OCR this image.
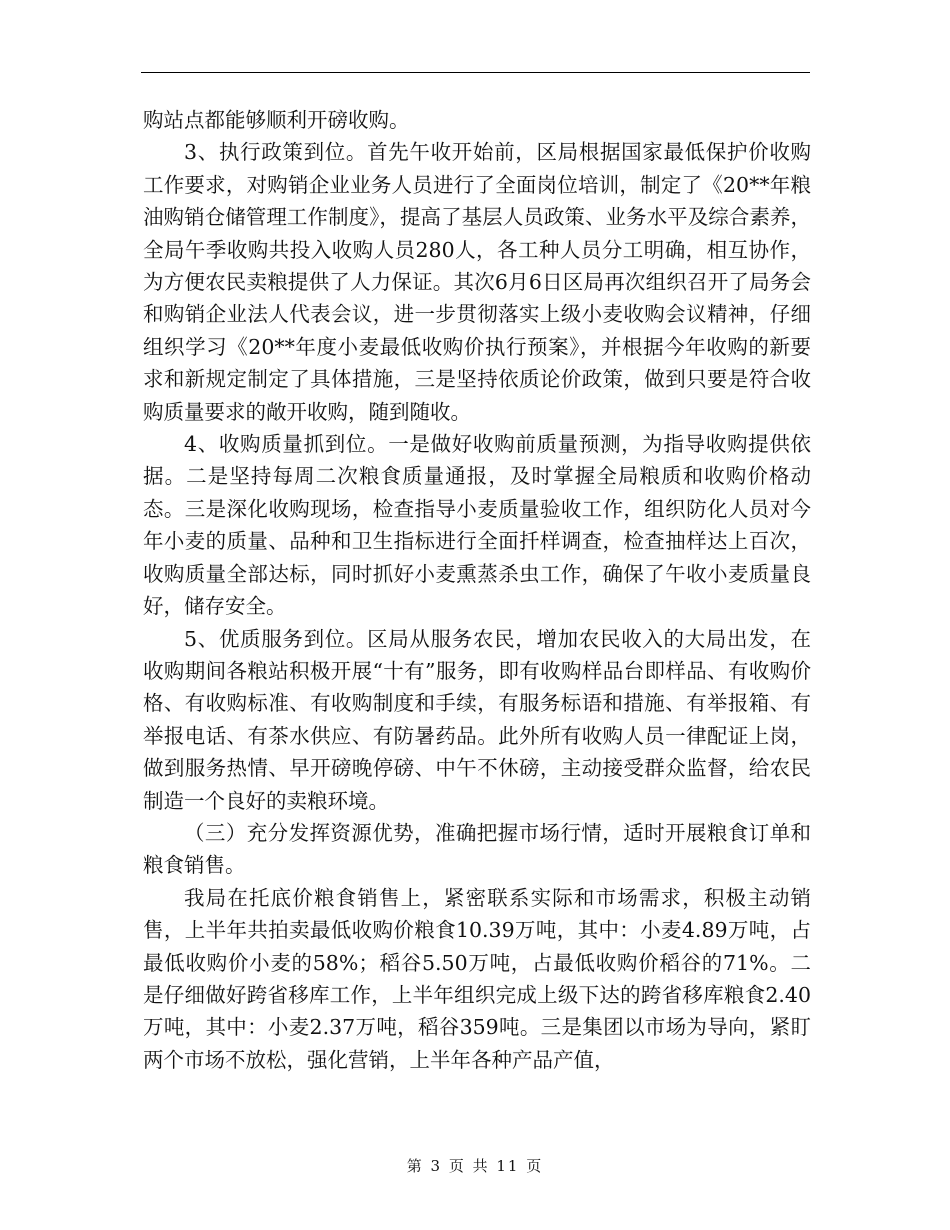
购站点都能够顺利开磅收购。

3、执行政策到位。首先午收开始前，区局根据国家最低保护价收购工作要求，对购销企业业务人员进行了全面岗位培训，制定了《20**年粮油购销仓储管理工作制度》，提高了基层人员政策、业务水平及综合素养，全局午季收购共投入收购人员280人，各工种人员分工明确，相互协作，为方便农民卖粮提供了人力保证。其次6月6日区局再次组织召开了局务会和购销企业法人代表会议，进一步贯彻落实上级小麦收购会议精神，仔细组织学习《20**年度小麦最低收购价执行预案》，并根据今年收购的新要求和新规定制定了具体措施，三是坚持依质论价政策，做到只要是符合收购质量要求的敞开收购，随到随收。

4、收购质量抓到位。一是做好收购前质量预测，为指导收购提供依据。二是坚持每周二次粮食质量通报，及时掌握全局粮质和收购价格动态。三是深化收购现场，检查指导小麦质量验收工作，组织防化人员对今年小麦的质量、品种和卫生指标进行全面扦样调查，检查抽样达上百次，收购质量全部达标，同时抓好小麦熏蒸杀虫工作，确保了午收小麦质量良好，储存安全。

5、优质服务到位。区局从服务农民，增加农民收入的大局出发，在收购期间各粮站积极开展“十有”服务，即有收购样品台即样品、有收购价格、有收购标准、有收购制度和手续，有服务标语和措施、有举报箱、有举报电话、有茶水供应、有防暑药品。此外所有收购人员一律配证上岗，做到服务热情、早开磅晚停磅、中午不休磅，主动接受群众监督，给农民制造一个良好的卖粮环境。

（三）充分发挥资源优势，准确把握市场行情，适时开展粮食订单和粮食销售。

我局在托底价粮食销售上，紧密联系实际和市场需求，积极主动销售，上半年共拍卖最低收购价粮食10.39万吨，其中：小麦4.89万吨，占最低收购价小麦的58%；稻谷5.50万吨，占最低收购价稻谷的71%。二是仔细做好跨省移库工作，上半年组织完成上级下达的跨省移库粮食2.40万吨，其中：小麦2.37万吨，稻谷359吨。三是集团以市场为导向，紧盯两个市场不放松，强化营销，上半年各种产品产值，

第 3 页 共 11 页
